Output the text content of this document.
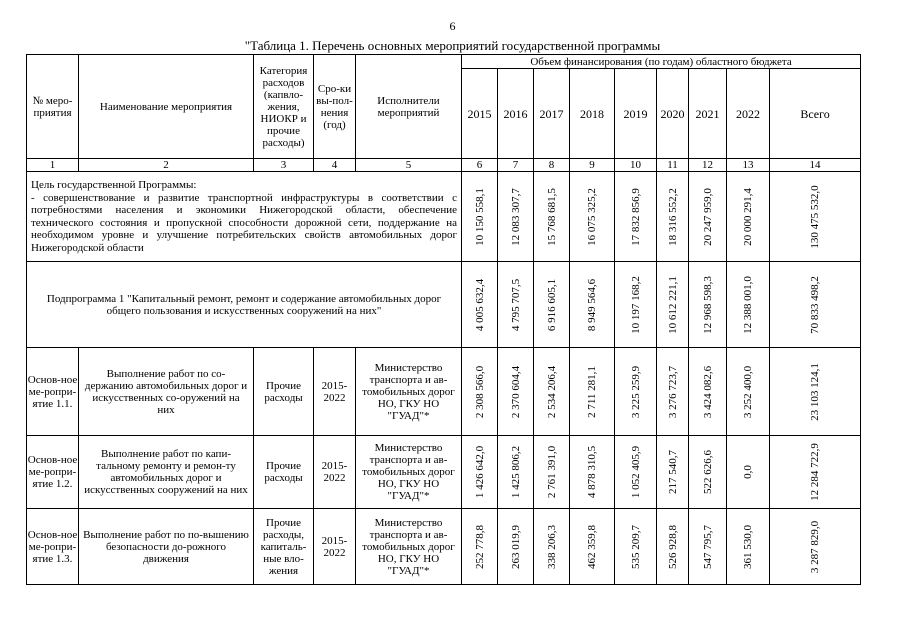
6
"Таблица 1. Перечень основных мероприятий государственной программы
№ меро-приятия	Наименование мероприятия	Категория расходов (капвло-жения, НИОКР и прочие расходы)	Сро-ки вы-пол-нения (год)	Исполнители мероприятий	Объем финансирования (по годам) областного бюджета								
					2015	2016	2017	2018	2019	2020	2021	2022	Всего
1	2	3	4	5	6	7	8	9	10	11	12	13	14
Цель государственной Программы:
- совершенствование и развитие транспортной инфраструктуры в соответствии с потребностями населения и экономики Нижегородской области, обеспечение технического состояния и пропускной способности дорожной сети, поддержание на необходимом уровне и улучшение потребительских свойств автомобильных дорог Нижегородской области					10 150 558,1	12 083 307,7	15 768 681,5	16 075 325,2	17 832 856,9	18 316 552,2	20 247 959,0	20 000 291,4	130 475 532,0

Подпрограмма 1 "Капитальный ремонт, ремонт и содержание автомобильных дорог общего пользования и искусственных сооружений на них"					4 005 632,4	4 795 707,5	6 916 605,1	8 949 564,6	10 197 168,2	10 612 221,1	12 968 598,3	12 388 001,0	70 833 498,2

Основ-ное ме-ропри-ятие 1.1.	Выполнение работ по со-держанию автомобильных дорог и искусственных со-оружений на них	Прочие расходы	2015-2022	Министерство транспорта и ав-томобильных дорог НО, ГКУ НО "ГУАД"*	2 308 566,0	2 370 604,4	2 534 206,4	2 711 281,1	3 225 259,9	3 276 723,7	3 424 082,6	3 252 400,0	23 103 124,1

Основ-ное ме-ропри-ятие 1.2.	Выполнение работ по капи-тальному ремонту и ремон-ту автомобильных дорог и искусственных сооружений на них	Прочие расходы	2015-2022	Министерство транспорта и ав-томобильных дорог НО, ГКУ НО "ГУАД"*	1 426 642,0	1 425 806,2	2 761 391,0	4 878 310,5	1 052 405,9	217 540,7	522 626,6	0,0	12 284 722,9

Основ-ное ме-ропри-ятие 1.3.	Выполнение работ по по-вышению безопасности до-рожного движения	Прочие расходы, капиталь-ные вло-жения	2015-2022	Министерство транспорта и ав-томобильных дорог НО, ГКУ НО "ГУАД"*	252 778,8	263 019,9	338 206,3	462 359,8	535 209,7	526 928,8	547 795,7	361 530,0	3 287 829,0
